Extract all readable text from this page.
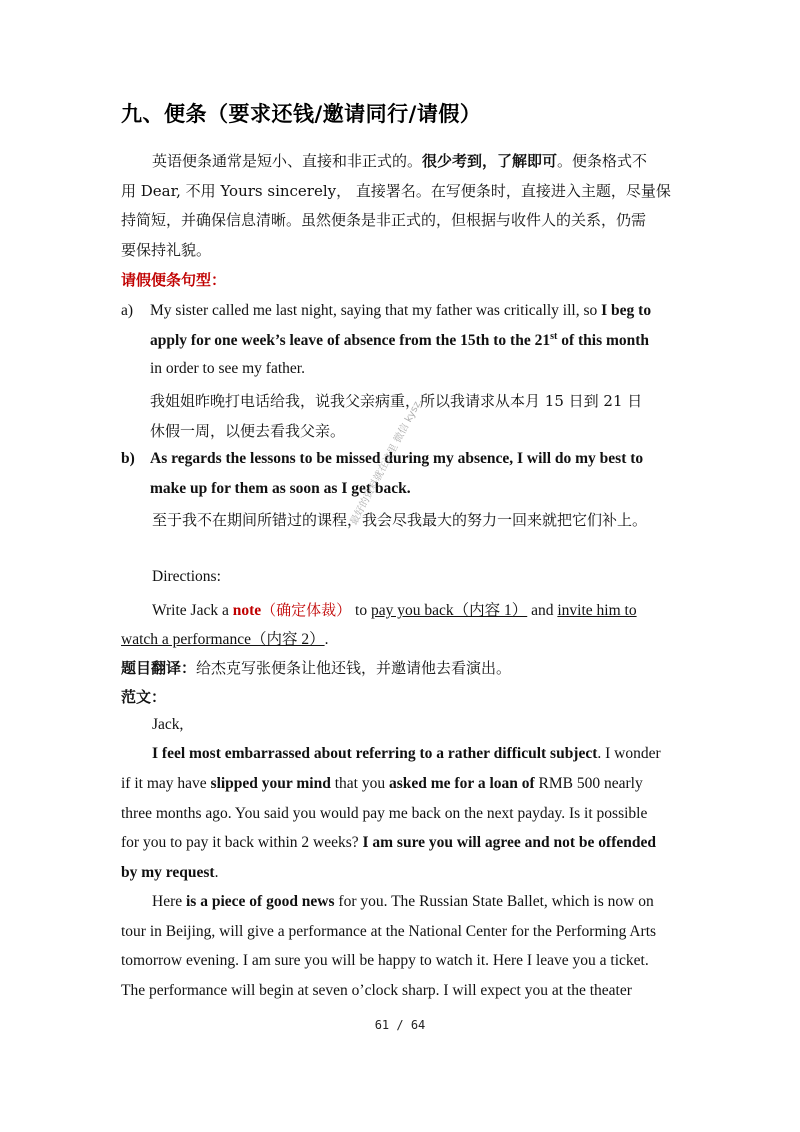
九、便条（要求还钱/邀请同行/请假）
英语便条通常是短小、直接和非正式的。很少考到，了解即可。便条格式不
用 Dear, 不用 Yours sincerely， 直接署名。在写便条时，直接进入主题，尽量保
持简短，并确保信息清晰。虽然便条是非正式的，但根据与收件人的关系，仍需
要保持礼貌。
请假便条句型：
a) My sister called me last night, saying that my father was critically ill, so I beg to
apply for one week’s leave of absence from the 15th to the 21st of this month
in order to see my father.
我姐姐昨晚打电话给我，说我父亲病重，所以我请求从本月 15 日到 21 日
休假一周，以便去看我父亲。
b) As regards the lessons to be missed during my absence, I will do my best to
make up for them as soon as I get back.
至于我不在期间所错过的课程，我会尽我最大的努力一回来就把它们补上。
Directions:
Write Jack a note（确定体裁） to pay you back（内容 1） and invite him to
watch a performance（内容 2）.
题目翻译：给杰克写张便条让他还钱，并邀请他去看演出。
范文：
Jack,
I feel most embarrassed about referring to a rather difficult subject. I wonder
if it may have slipped your mind that you asked me for a loan of RMB 500 nearly
three months ago. You said you would pay me back on the next payday. Is it possible
for you to pay it back within 2 weeks? I am sure you will agree and not be offended
by my request.
Here is a piece of good news for you. The Russian State Ballet, which is now on
tour in Beijing, will give a performance at the National Center for the Performing Arts
tomorrow evening. I am sure you will be happy to watch it. Here I leave you a ticket.
The performance will begin at seven o’clock sharp. I will expect you at the theater
最好的资料就在这里 微信 kysz...
61 / 64
